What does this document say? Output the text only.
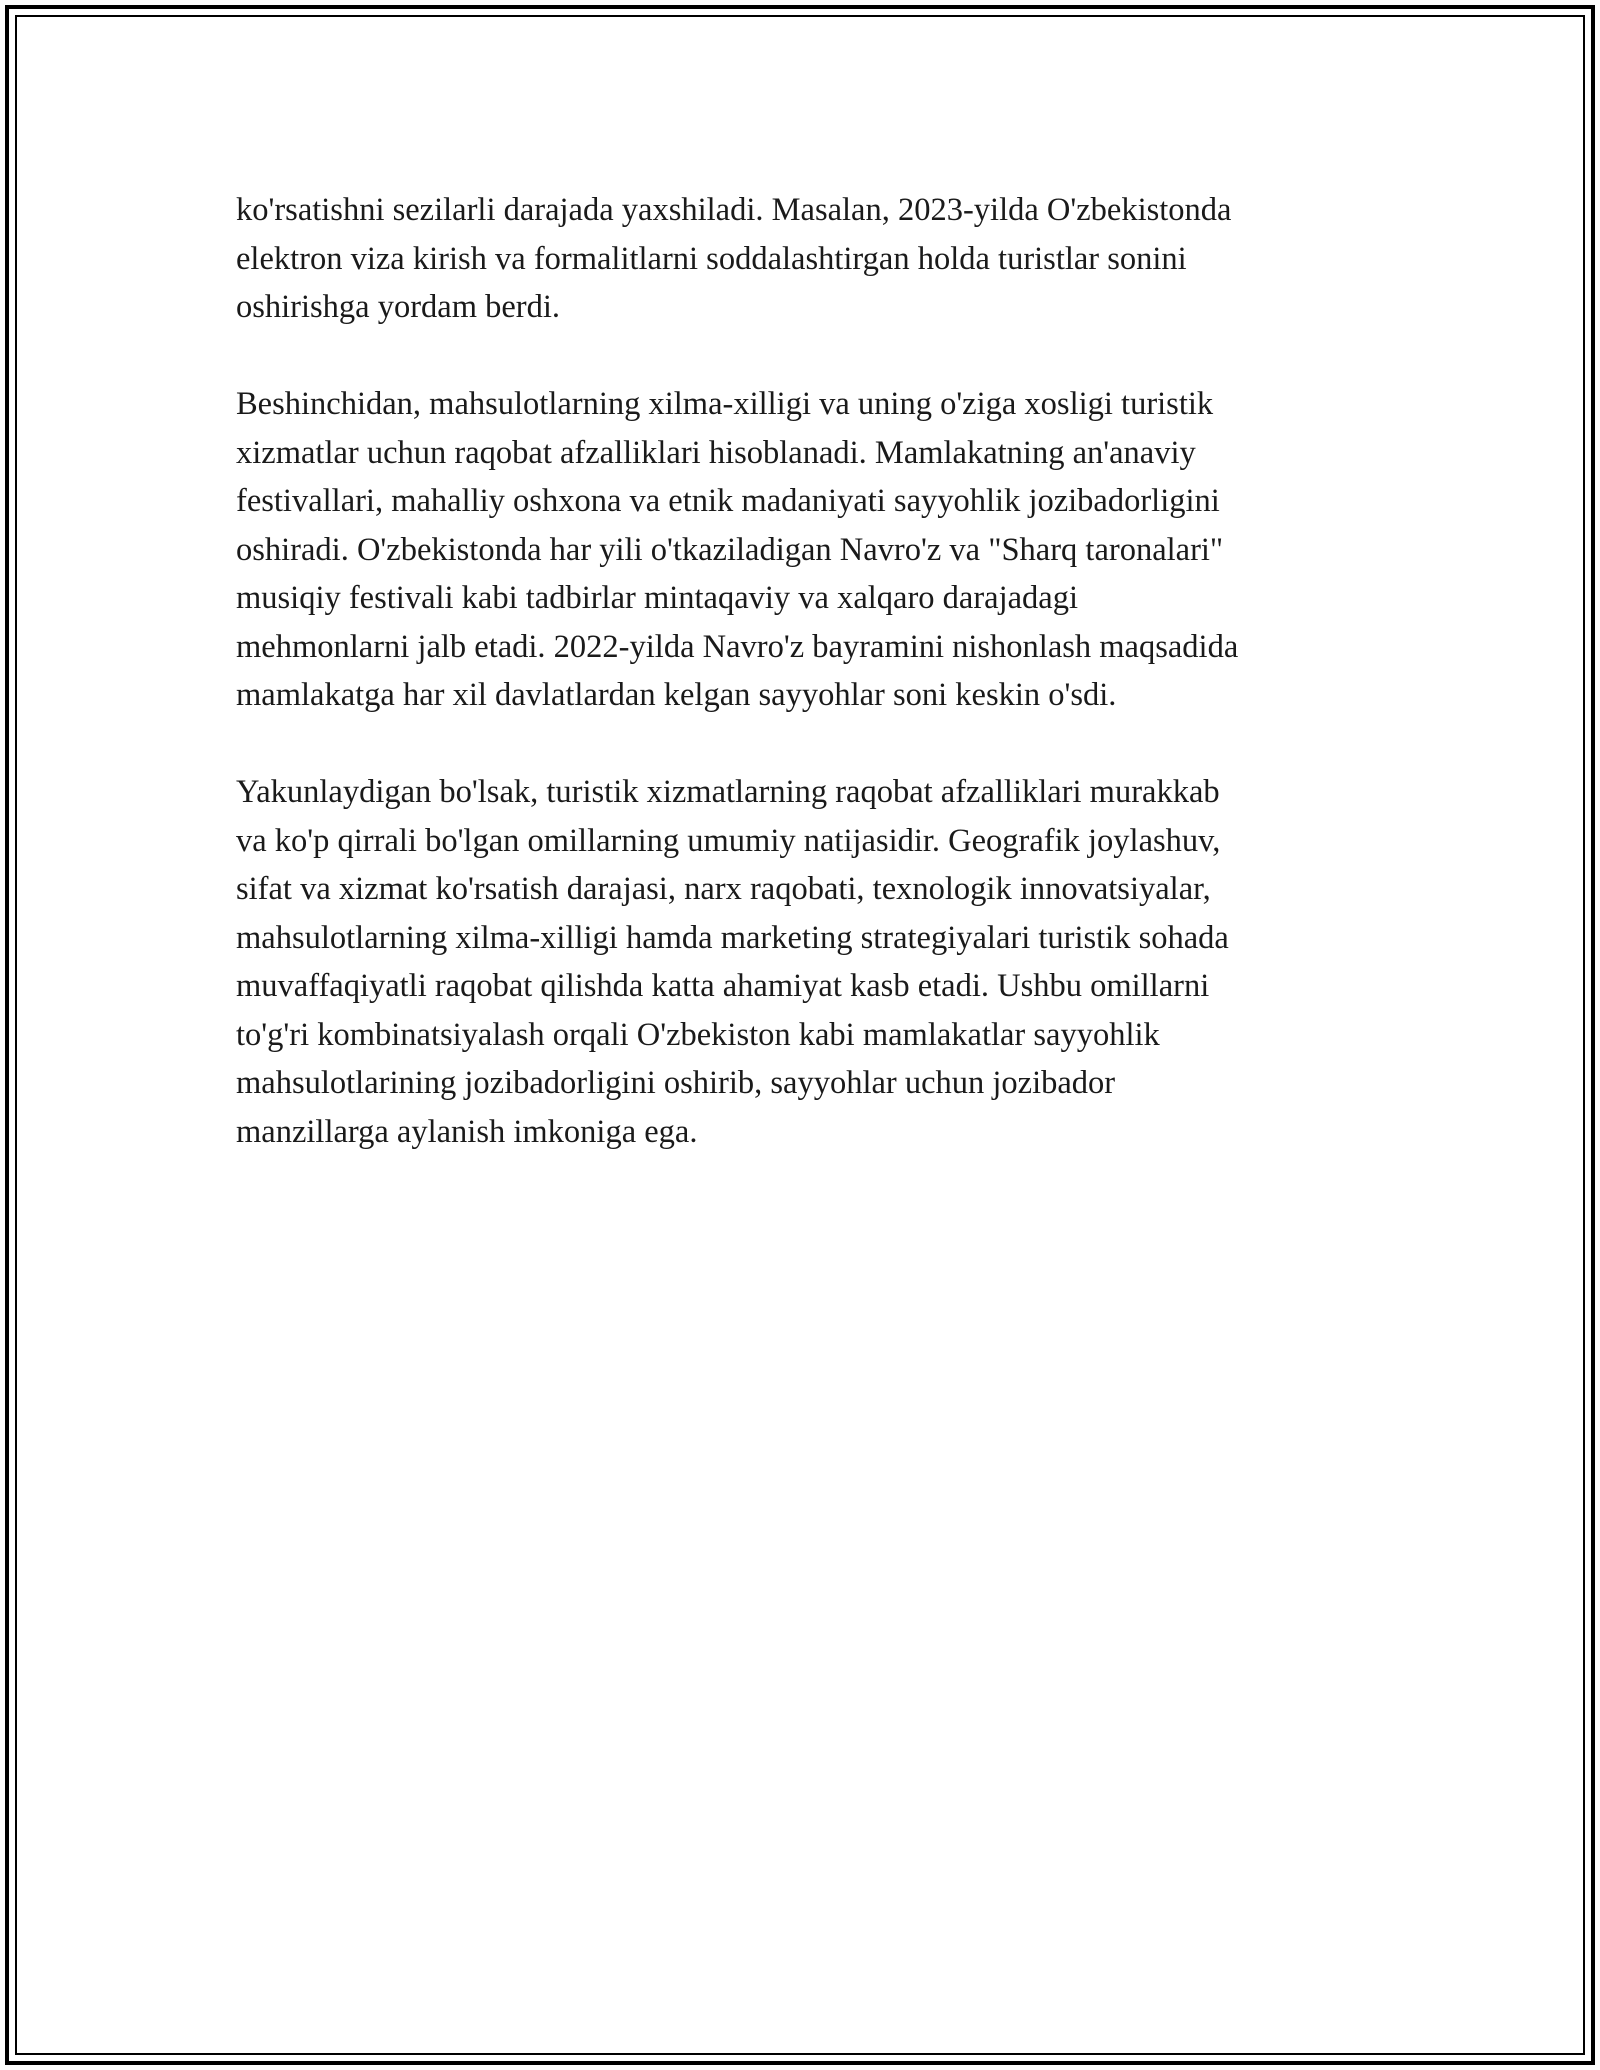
ko'rsatishni sezilarli darajada yaxshiladi. Masalan, 2023-yilda O'zbekistonda
elektron viza kirish va formalitlarni soddalashtirgan holda turistlar sonini
oshirishga yordam berdi.

Beshinchidan, mahsulotlarning xilma-xilligi va uning o'ziga xosligi turistik
xizmatlar uchun raqobat afzalliklari hisoblanadi. Mamlakatning an'anaviy
festivallari, mahalliy oshxona va etnik madaniyati sayyohlik jozibadorligini
oshiradi. O'zbekistonda har yili o'tkaziladigan Navro'z va "Sharq taronalari"
musiqiy festivali kabi tadbirlar mintaqaviy va xalqaro darajadagi
mehmonlarni jalb etadi. 2022-yilda Navro'z bayramini nishonlash maqsadida
mamlakatga har xil davlatlardan kelgan sayyohlar soni keskin o'sdi.

Yakunlaydigan bo'lsak, turistik xizmatlarning raqobat afzalliklari murakkab
va ko'p qirrali bo'lgan omillarning umumiy natijasidir. Geografik joylashuv,
sifat va xizmat ko'rsatish darajasi, narx raqobati, texnologik innovatsiyalar,
mahsulotlarning xilma-xilligi hamda marketing strategiyalari turistik sohada
muvaffaqiyatli raqobat qilishda katta ahamiyat kasb etadi. Ushbu omillarni
to'g'ri kombinatsiyalash orqali O'zbekiston kabi mamlakatlar sayyohlik
mahsulotlarining jozibadorligini oshirib, sayyohlar uchun jozibador
manzillarga aylanish imkoniga ega.
